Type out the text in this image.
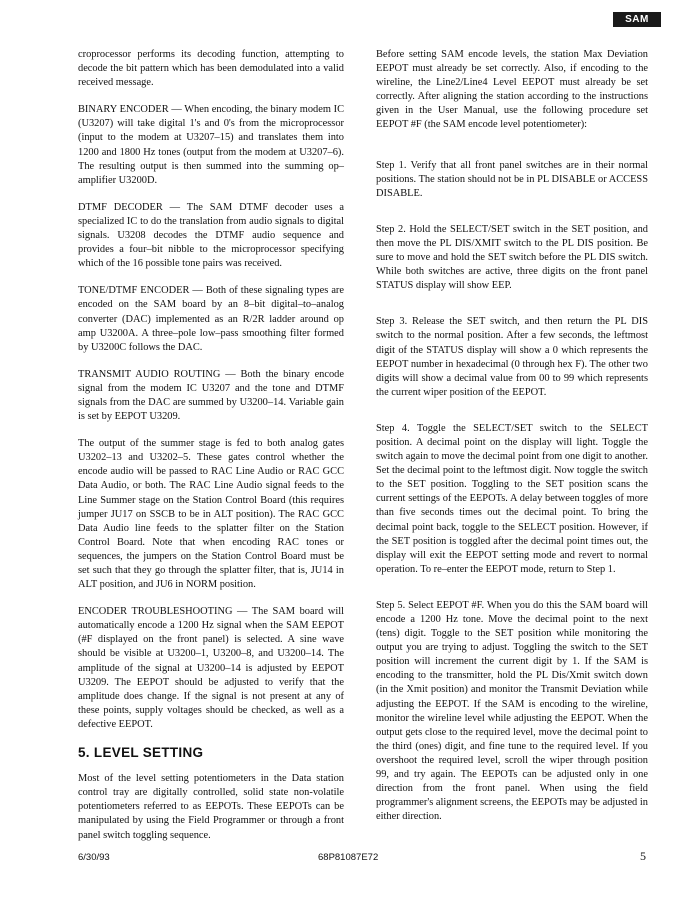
SAM

croprocessor performs its decoding function, attempting to decode the bit pattern which has been demodulated into a valid received message.

BINARY ENCODER — When encoding, the binary modem IC (U3207) will take digital 1's and 0's from the microprocessor (input to the modem at U3207–15) and translates them into 1200 and 1800 Hz tones (output from the modem at U3207–6). The resulting output is then summed into the summing op–amplifier U3200D.

DTMF DECODER — The SAM DTMF decoder uses a specialized IC to do the translation from audio signals to digital signals. U3208 decodes the DTMF audio sequence and provides a four–bit nibble to the microprocessor specifying which of the 16 possible tone pairs was received.

TONE/DTMF ENCODER — Both of these signaling types are encoded on the SAM board by an 8–bit digital–to–analog converter (DAC) implemented as an R/2R ladder around op amp U3200A. A three–pole low–pass smoothing filter formed by U3200C follows the DAC.

TRANSMIT AUDIO ROUTING — Both the binary encode signal from the modem IC U3207 and the tone and DTMF signals from the DAC are summed by U3200–14. Variable gain is set by EEPOT U3209.

The output of the summer stage is fed to both analog gates U3202–13 and U3202–5. These gates control whether the encode audio will be passed to RAC Line Audio or RAC GCC Data Audio, or both. The RAC Line Audio signal feeds to the Line Summer stage on the Station Control Board (this requires jumper JU17 on SSCB to be in ALT position). The RAC GCC Data Audio line feeds to the splatter filter on the Station Control Board. Note that when encoding RAC tones or sequences, the jumpers on the Station Control Board must be set such that they go through the splatter filter, that is, JU14 in ALT position, and JU6 in NORM position.

ENCODER TROUBLESHOOTING — The SAM board will automatically encode a 1200 Hz signal when the SAM EEPOT (#F displayed on the front panel) is selected. A sine wave should be visible at U3200–1, U3200–8, and U3200–14. The amplitude of the signal at U3200–14 is adjusted by EEPOT U3209. The EEPOT should be adjusted to verify that the amplitude does change. If the signal is not present at any of these points, supply voltages should be checked, as well as a defective EEPOT.

5. LEVEL SETTING

Most of the level setting potentiometers in the Data station control tray are digitally controlled, solid state non-volatile potentiometers referred to as EEPOTs. These EEPOTs can be manipulated by using the Field Programmer or through a front panel switch toggling sequence.

Before setting SAM encode levels, the station Max Deviation EEPOT must already be set correctly. Also, if encoding to the wireline, the Line2/Line4 Level EEPOT must already be set correctly. After aligning the station according to the instructions given in the User Manual, use the following procedure set EEPOT #F (the SAM encode level potentiometer):

Step 1. Verify that all front panel switches are in their normal positions. The station should not be in PL DISABLE or ACCESS DISABLE.

Step 2. Hold the SELECT/SET switch in the SET position, and then move the PL DIS/XMIT switch to the PL DIS position. Be sure to move and hold the SET switch before the PL DIS switch. While both switches are active, three digits on the front panel STATUS display will show EEP.

Step 3. Release the SET switch, and then return the PL DIS switch to the normal position. After a few seconds, the leftmost digit of the STATUS display will show a 0 which represents the EEPOT number in hexadecimal (0 through hex F). The other two digits will show a decimal value from 00 to 99 which represents the current wiper position of the EEPOT.

Step 4. Toggle the SELECT/SET switch to the SELECT position. A decimal point on the display will light. Toggle the switch again to move the decimal point from one digit to another. Set the decimal point to the leftmost digit. Now toggle the switch to the SET position. Toggling to the SET position scans the current settings of the EEPOTs. A delay between toggles of more than five seconds times out the decimal point. To bring the decimal point back, toggle to the SELECT position. However, if the SET position is toggled after the decimal point times out, the display will exit the EEPOT setting mode and revert to normal operation. To re–enter the EEPOT mode, return to Step 1.

Step 5. Select EEPOT #F. When you do this the SAM board will encode a 1200 Hz tone. Move the decimal point to the next (tens) digit. Toggle to the SET position while monitoring the output you are trying to adjust. Toggling the switch to the SET position will increment the current digit by 1. If the SAM is encoding to the transmitter, hold the PL Dis/Xmit switch down (in the Xmit position) and monitor the Transmit Deviation while adjusting the EEPOT. If the SAM is encoding to the wireline, monitor the wireline level while adjusting the EEPOT. When the output gets close to the required level, move the decimal point to the third (ones) digit, and fine tune to the required level. If you overshoot the required level, scroll the wiper through position 99, and try again. The EEPOTs can be adjusted only in one direction from the front panel. When using the field programmer's alignment screens, the EEPOTs may be adjusted in either direction.

6/30/93	68P81087E72	5
